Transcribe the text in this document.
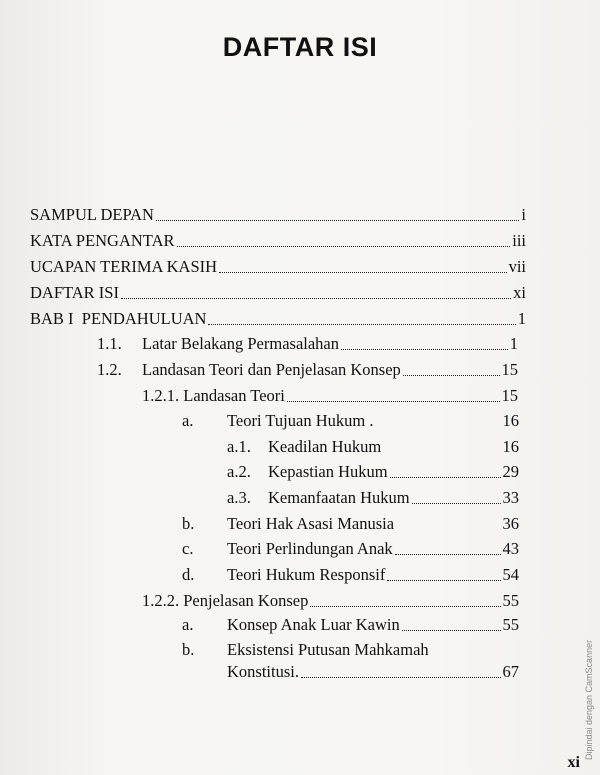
DAFTAR ISI
SAMPUL DEPAN	i
KATA PENGANTAR	iii
UCAPAN TERIMA KASIH	vii
DAFTAR ISI	xi
BAB I  PENDAHULUAN	1
1.1. Latar Belakang Permasalahan	1
1.2. Landasan Teori dan Penjelasan Konsep	15
1.2.1. Landasan Teori	15
a. Teori Tujuan Hukum .	16
a.1. Keadilan Hukum	16
a.2. Kepastian Hukum	29
a.3. Kemanfaatan Hukum	33
b. Teori Hak Asasi Manusia	36
c. Teori Perlindungan Anak	43
d. Teori Hukum Responsif	54
1.2.2. Penjelasan Konsep	55
a. Konsep Anak Luar Kawin	55
b. Eksistensi Putusan Mahkamah
Konstitusi.	67
xi
Dipindai dengan CamScanner
